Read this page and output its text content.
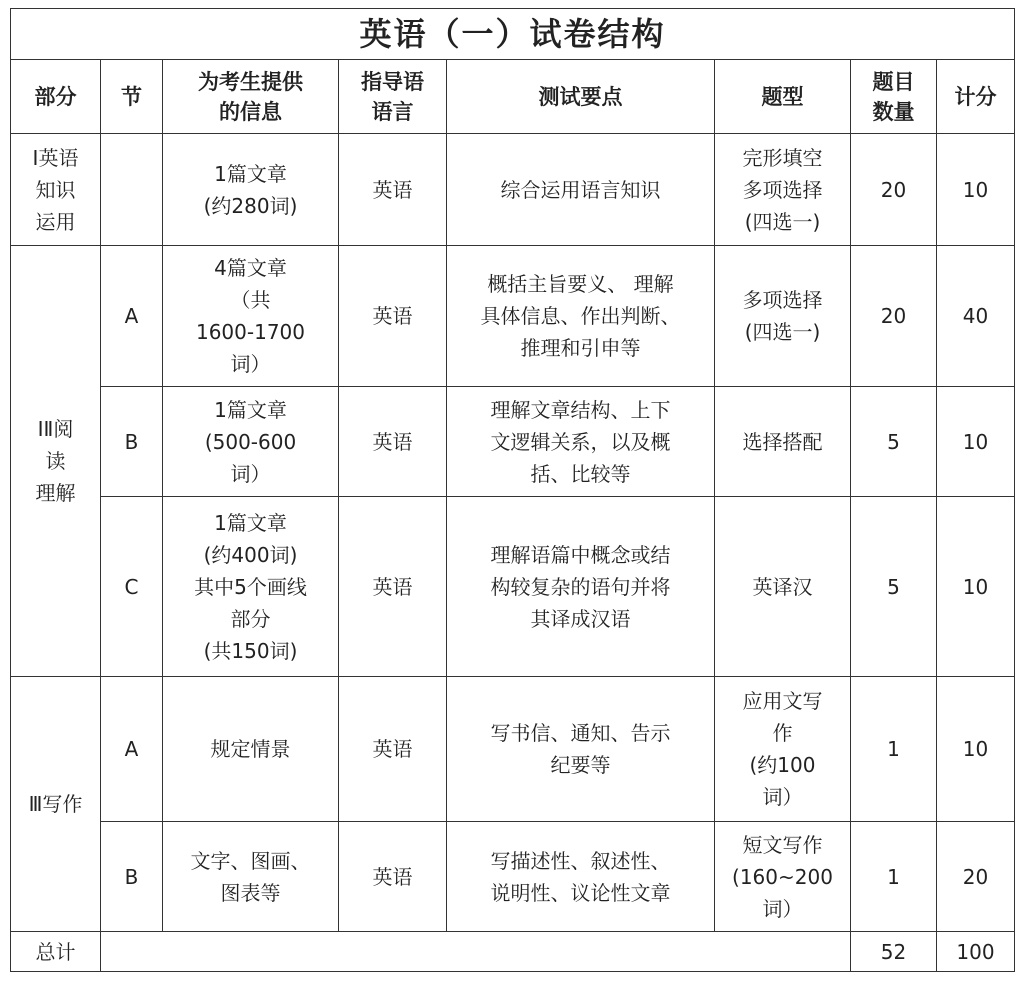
英语（一）试卷结构							
部分	节	为考生提供
的信息	指导语
语言	测试要点	题型	题目
数量	计分
I英语
知识
运用		1篇文章
(约280词)	英语	综合运用语言知识	完形填空
多项选择
(四选一)	20	10
IⅡ阅
读
理解	A	4篇文章
（共
1600-1700
词）	英语	概括主旨要义、 理解
具体信息、作出判断、
推理和引申等	多项选择
(四选一)	20	40
	B	1篇文章
(500-600
词）	英语	理解文章结构、上下
文逻辑关系，以及概
括、比较等	选择搭配	5	10
	C	1篇文章
(约400词)
其中5个画线
部分
(共150词)	英语	理解语篇中概念或结
构较复杂的语句并将
其译成汉语	英译汉	5	10
Ⅲ写作	A	规定情景	英语	写书信、通知、告示
纪要等	应用文写
作
(约100
词）	1	10
	B	文字、图画、
图表等	英语	写描述性、叙述性、
说明性、议论性文章	短文写作
(160~200
词）	1	20
总计						52	100
